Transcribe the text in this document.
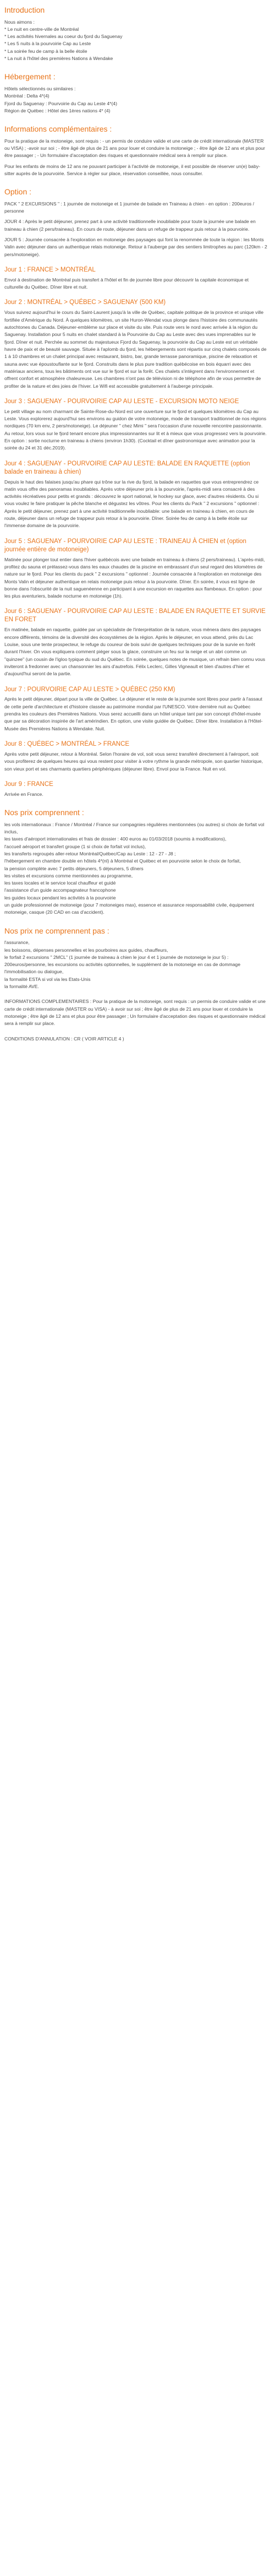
Introduction

Nous aimons :

* Le nuit en centre-ville de Montréal

* Les activités hivernales au coeur du fjord du Saguenay

* Les 5 nuits à la pourvoirie Cap au Leste

* La soirée feu de camp à la belle étoile

* La nuit à l'hôtel des premières Nations à Wendake

Hébergement :

Hôtels sélectionnés ou similaires :

Montréal : Delta 4*(4)

Fjord du Saguenay : Pourvoirie du Cap au Leste 4*(4)

Région de Québec : Hôtel des 1ères nations 4* (4)

Informations complémentaires :

Pour la pratique de la motoneige, sont requis : - un permis de conduire valide et une carte de crédit internationale (MASTER ou VISA) ; -avoir sur soi ; - être âgé de plus de 21 ans pour louer et conduire la motoneige ; - être âgé de 12 ans et plus pour être passager ; - Un formulaire d'acceptation des risques et questionnaire médical sera à remplir sur place.

Pour les enfants de moins de 12 ans ne pouvant participer à l'activité de motoneige, il est possible de réserver un(e) baby-sitter auprès de la pourvoirie. Service à régler sur place, réservation conseillée, nous consulter.

Option :

PACK " 2 EXCURSIONS " : 1 journée de motoneige et 1 journée de balade en Traineau à chien - en option : 200euros / personne

JOUR 4 : Après le petit déjeuner, prenez part à une activité traditionnelle inoubliable pour toute la journée une balade en traineau à chien (2 pers/traineau). En cours de route, déjeuner dans un refuge de trappeur puis retour à la pourvoirie.

JOUR 5 : Journée consacrée à l'exploration en motoneige des paysages qui font la renommée de toute la région : les Monts Valin avec déjeuner dans un authentique relais motoneige. Retour à l'auberge par des sentiers limitrophes au parc (120km - 2 pers/motoneige).

Jour 1 : FRANCE > MONTRÉAL

Envol à destination de Montréal puis transfert à l'hôtel et fin de journée libre pour découvrir la capitale économique et culturelle du Québec. Dîner libre et nuit.

Jour 2 : MONTRÉAL > QUÉBEC > SAGUENAY (500 KM)

Vous suivrez aujourd'hui le cours du Saint-Laurent jusqu'à la ville de Québec, capitale politique de la province et unique ville fortifiée d'Amérique du Nord. À quelques kilomètres, un site Huron-Wendat vous plonge dans l'histoire des communautés autochtones du Canada. Déjeuner-emblème sur place et visite du site. Puis route vers le nord avec arrivée à la région du Saguenay. Installation pour 5 nuits en chalet standard à la Pourvoirie du Cap au Leste avec des vues imprenables sur le fjord. Dîner et nuit. Perchée au sommet du majestueux Fjord du Saguenay, la pourvoirie du Cap au Leste est un véritable havre de paix et de beauté sauvage. Située à l'aplomb du fjord, les hébergements sont répartis sur cinq chalets composés de 1 à 10 chambres et un chalet principal avec restaurant, bistro, bar, grande terrasse panoramique, piscine de relaxation et sauna avec vue époustouflante sur le fjord. Construits dans le plus pure tradition québécoise en bois équarri avec des matériaux anciens, tous les bâtiments ont vue sur le fjord et sur la forêt. Ces chalets s'intègrent dans l'environnement et offrent confort et atmosphère chaleureuse. Les chambres n'ont pas de télévision ni de téléphone afin de vous permettre de profiter de la nature et des joies de l'hiver. Le Wifi est accessible gratuitement à l'auberge principale.

Jour 3 : SAGUENAY - POURVOIRIE CAP AU LESTE - EXCURSION MOTO NEIGE

Le petit village au nom charmant de Sainte-Rose-du-Nord est une ouverture sur le fjord et quelques kilomètres du Cap au Leste. Vous explorerez aujourd'hui ses environs au guidon de votre motoneige, mode de transport traditionnel de nos régions nordiques (70 km env, 2 pers/motoneige). Le déjeuner " chez Mimi " sera l'occasion d'une nouvelle rencontre passionnante. Au retour, lors vous sur le fjord tenant encore plus impressionnantes sur lit et à mieux que vous progressez vers la pourvoirie. En option : sortie nocturne en traineau à chiens (environ 1h30). (Cocktail et dîner gastronomique avec animation pour la soirée du 24 et 31 déc.2019).

Jour 4 : SAGUENAY - POURVOIRIE CAP AU LESTE: BALADE EN RAQUETTE (option balade en traineau à chien)

Depuis le haut des falaises jusqu'au phare qui trône sur la rive du fjord, la balade en raquettes que vous entreprendrez ce matin vous offre des panoramas inoubliables. Après votre déjeuner pris à la pourvoirie, l'après-midi sera consacré à des activités récréatives pour petits et grands : découvrez le sport national, le hockey sur glace, avec d'autres résidents. Ou si vous voulez le faire pratiquer la pêche blanche et dégustez les vôtres. Pour les clients du Pack " 2 excursions " optionnel : Après le petit déjeuner, prenez part à une activité traditionnelle inoubliable: une balade en traineau à chien, en cours de route, déjeuner dans un refuge de trappeur puis retour à la pourvoirie. Dîner. Soirée feu de camp à la belle étoile sur l'immense domaine de la pourvoirie.

Jour 5 : SAGUENAY - POURVOIRIE CAP AU LESTE : TRAINEAU À CHIEN et (option journée entière de motoneige)

Matinée pour plonger tout entier dans l'hiver québécois avec une balade en traineau à chiens (2 pers/traineau). L'après-midi, profitez du sauna et prélassez-vous dans les eaux chaudes de la piscine en embrassant d'un seul regard des kilomètres de nature sur le fjord. Pour les clients du pack " 2 excursions " optionnel : Journée consacrée à l'exploration en motoneige des Monts Valin et déjeuner authentique en relais motoneige puis retour à la pourvoirie. Dîner. En soirée, il vous est ligne de bonne dans l'obscurité de la nuit saguenéenne en participant à une excursion en raquettes aux flambeaux. En option : pour les plus aventuriers, balade nocturne en motoneige (1h).

Jour 6 : SAGUENAY - POURVOIRIE CAP AU LESTE : BALADE EN RAQUETTE ET SURVIE EN FORET

En matinée, balade en raquette, guidée par un spécialiste de l'interprétation de la nature, vous mènera dans des paysages encore différents, témoins de la diversité des écosystèmes de la région. Après le déjeuner, en vous attend, près du Lac Louise, sous une tente prospecteur, le refuge du coureur de bois suivi de quelques techniques pour de la survie en forêt durant l'hiver. On vous expliquera comment piéger sous la glace, construire un feu sur la neige et un abri comme un "quinzee" (un cousin de l'igloo typique du sud du Québec. En soirée, quelques notes de musique, un refrain bien connu vous inviteront à fredonner avec un chansonnier les airs d'autrefois. Félix Leclerc, Gilles Vigneault et bien d'autres d'hier et d'aujourd'hui seront de la partie.

Jour 7 : POURVOIRIE CAP AU LESTE > QUÉBEC (250 KM)

Après le petit déjeuner, départ pour la ville de Québec. Le déjeuner et le reste de la journée sont libres pour partir à l'assaut de cette perle d'architecture et d'histoire classée au patrimoine mondial par l'UNESCO. Votre dernière nuit au Québec prendra les couleurs des Premières Nations. Vous serez accueilli dans un hôtel unique tant par son concept d'hôtel-musée que par sa décoration inspirée de l'art amérindien. En option, une visite guidée de Québec. Dîner libre. Installation à l'Hôtel-Musée des Premières Nations à Wendake. Nuit.

Jour 8 : QUÉBEC > MONTRÉAL > FRANCE

Après votre petit déjeuner, retour à Montréal. Selon l'horaire de vol, soit vous serez transféré directement à l'aéroport, soit vous profiterez de quelques heures qui vous restent pour visiter à votre rythme la grande métropole, son quartier historique, son vieux port et ses charmants quartiers périphériques (déjeuner libre). Envol pour la France. Nuit en vol.

Jour 9 : FRANCE

Arrivée en France.

Nos prix comprennent :

les vols internationaux : France / Montréal / France sur compagnies régulières mentionnées (ou autres) si choix de forfait vol inclus,

les taxes d'aéroport internationales et frais de dossier : 400 euros au 01/03/2018 (soumis à modifications),

l'accueil aéroport et transfert groupe (1 si choix de forfait vol inclus),

les transferts regroupés aller-retour Montréal/Québec/Cap au Leste : 12 - 27 - J8 ;

l'hébergement en chambre double en hôtels 4*(nl) à Montréal et Québec et en pourvoirie selon le choix de forfait,

la pension complète avec 7 petits déjeuners, 5 déjeuners, 5 dîners

les visites et excursions comme mentionnées au programme,

les taxes locales et le service local chauffeur et guidé

l'assistance d'un guide accompagnateur francophone

les guides locaux pendant les activités à la pourvoirie

un guide professionnel de motoneige (pour 7 motoneiges max), essence et assurance responsabilité civile, équipement motoneige, casque (20 CAD en cas d'accident).

Nos prix ne comprennent pas :

l'assurance,

les boissons, dépenses personnelles et les pourboires aux guides, chauffeurs,

le forfait 2 excursions " 2MCL" (1 journée de traineau à chien le jour 4 et 1 journée de motoneige le jour 5) : 200euros/personne, les excursions ou activités optionnelles, le supplément de la motoneige en cas de dommage

l'immobilisation ou dialogue,

la formalité ESTA si vol via les Etats-Unis

la formalité AVE.

INFORMATIONS COMPLEMENTAIRES : Pour la pratique de la motoneige, sont requis : un permis de conduire valide et une carte de crédit internationale (MASTER ou VISA) - à avoir sur soi ; être âgé de plus de 21 ans pour louer et conduire la motoneige ; être âgé de 12 ans et plus pour être passager ; Un formulaire d'acceptation des risques et questionnaire médical sera à remplir sur place.

CONDITIONS D'ANNULATION : CR ( VOIR ARTICLE 4 )
